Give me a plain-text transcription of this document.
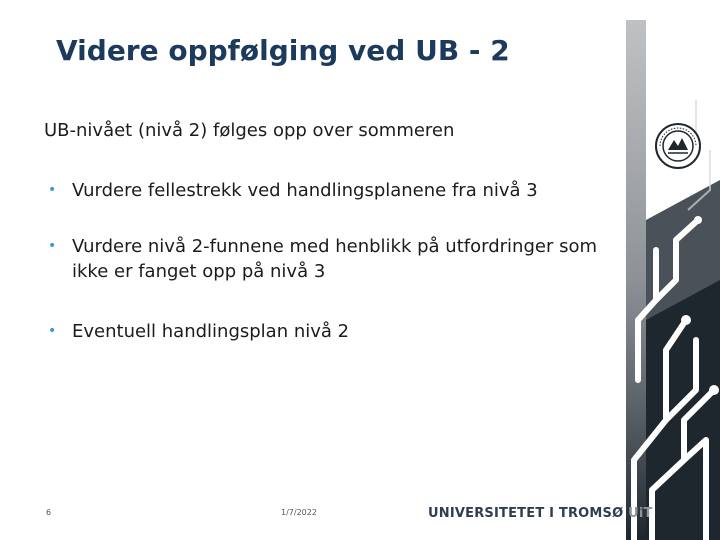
Videre oppfølging ved UB - 2
UB-nivået (nivå 2) følges opp over sommeren
• Vurdere fellestrekk ved handlingsplanene fra nivå 3
• Vurdere nivå 2-funnene med henblikk på utfordringer som ikke er fanget opp på nivå 3
• Eventuell handlingsplan nivå 2
6	1/7/2022	UNIVERSITETET I TROMSØ UiT
